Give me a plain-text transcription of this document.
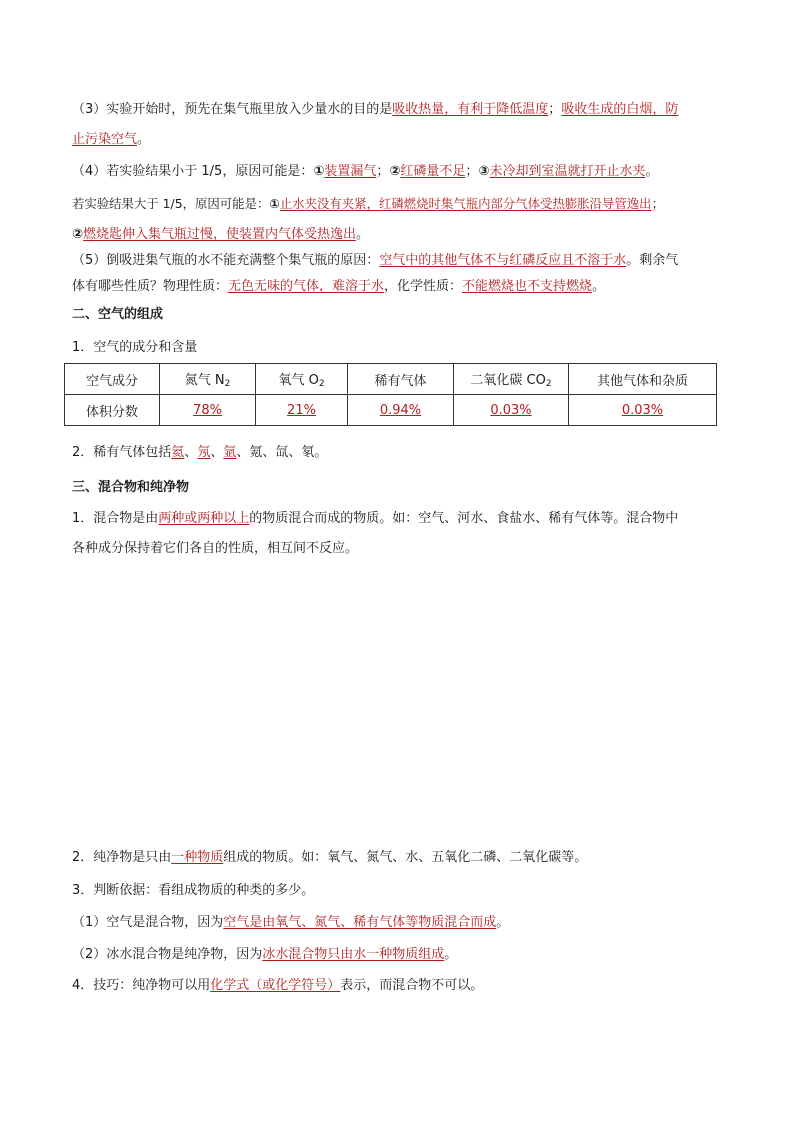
（3）实验开始时，预先在集气瓶里放入少量水的目的是吸收热量，有利于降低温度；吸收生成的白烟，防
止污染空气。
（4）若实验结果小于 1/5，原因可能是：①装置漏气；②红磷量不足；③未冷却到室温就打开止水夹。
若实验结果大于 1/5，原因可能是：①止水夹没有夹紧，红磷燃烧时集气瓶内部分气体受热膨胀沿导管逸出；
②燃烧匙伸入集气瓶过慢，使装置内气体受热逸出。
（5）倒吸进集气瓶的水不能充满整个集气瓶的原因：空气中的其他气体不与红磷反应且不溶于水。剩余气
体有哪些性质？物理性质：无色无味的气体，难溶于水，化学性质：不能燃烧也不支持燃烧。
二、空气的组成
1．空气的成分和含量
空气成分	氮气 $N_2$	氧气 $O_2$	稀有气体	二氧化碳 $CO_2$	其他气体和杂质
体积分数	78%	21%	0.94%	0.03%	0.03%
2．稀有气体包括氦、氖、氩、氪、氙、氡。
三、混合物和纯净物
1．混合物是由两种或两种以上的物质混合而成的物质。如：空气、河水、食盐水、稀有气体等。混合物中
各种成分保持着它们各自的性质，相互间不反应。
2．纯净物是只由一种物质组成的物质。如：氧气、氮气、水、五氧化二磷、二氧化碳等。
3．判断依据：看组成物质的种类的多少。
（1）空气是混合物，因为空气是由氧气、氮气、稀有气体等物质混合而成。
（2）冰水混合物是纯净物，因为冰水混合物只由水一种物质组成。
4．技巧：纯净物可以用化学式（或化学符号）表示，而混合物不可以。
